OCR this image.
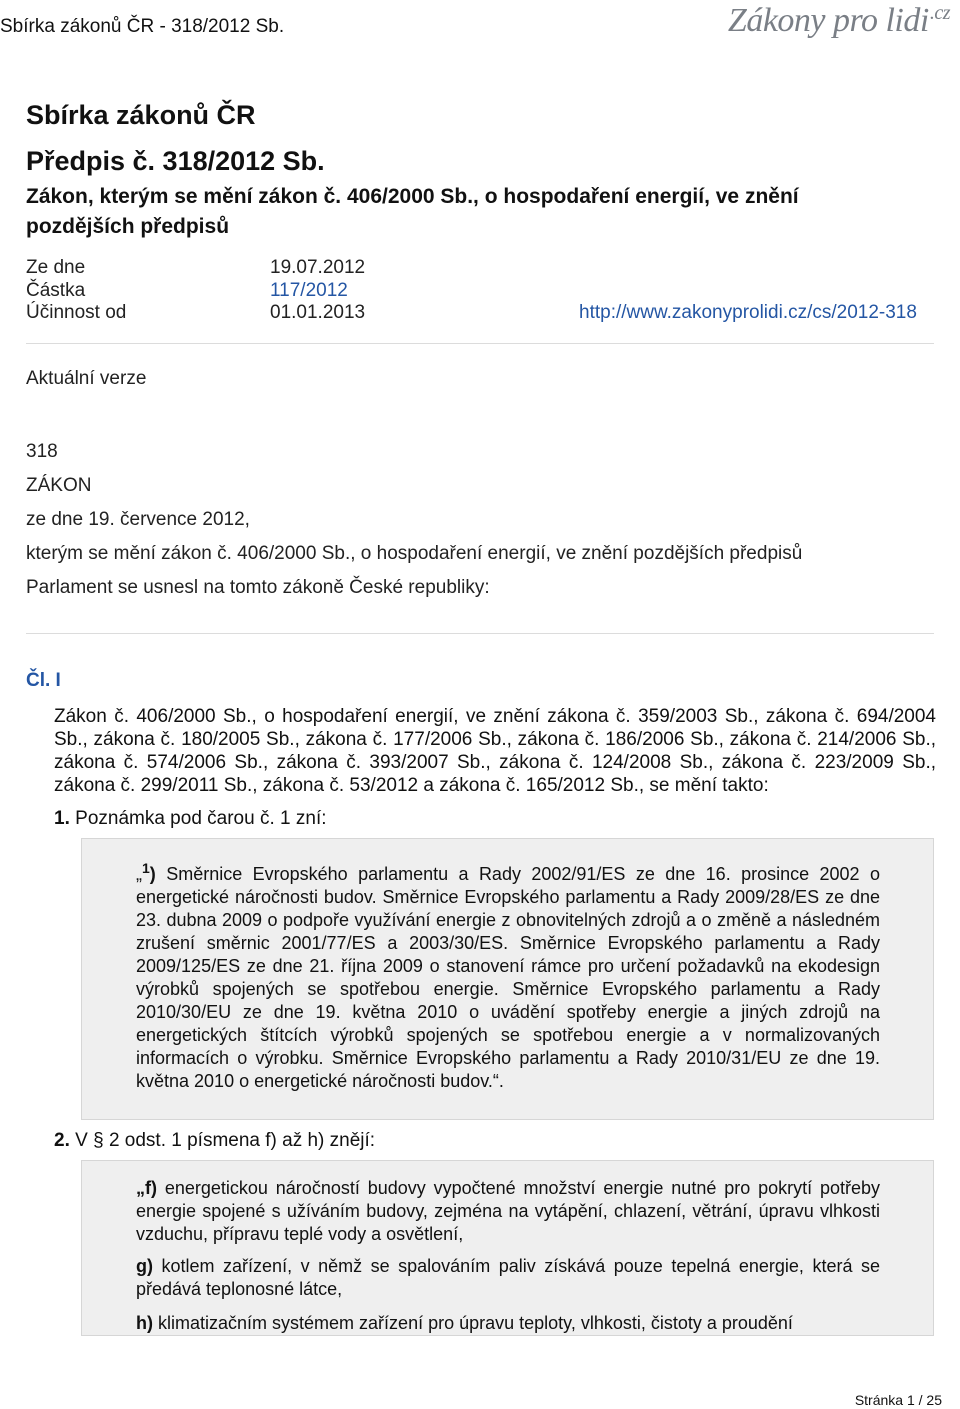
Sbírka zákonů ČR - 318/2012 Sb.	Zákony pro lidi$^{.cz}$
Sbírka zákonů ČR
Předpis č. 318/2012 Sb.
Zákon, kterým se mění zákon č. 406/2000 Sb., o hospodaření energií, ve znění
pozdějších předpisů
Ze dne	19.07.2012
Částka	117/2012
Účinnost od	01.01.2013	http://www.zakonyprolidi.cz/cs/2012-318
Aktuální verze
318
ZÁKON
ze dne 19. července 2012,
kterým se mění zákon č. 406/2000 Sb., o hospodaření energií, ve znění pozdějších předpisů
Parlament se usnesl na tomto zákoně České republiky:
Čl. I
Zákon č. 406/2000 Sb., o hospodaření energií, ve znění zákona č. 359/2003 Sb., zákona č. 694/2004 Sb., zákona č. 180/2005 Sb., zákona č. 177/2006 Sb., zákona č. 186/2006 Sb., zákona č. 214/2006 Sb., zákona č. 574/2006 Sb., zákona č. 393/2007 Sb., zákona č. 124/2008 Sb., zákona č. 223/2009 Sb., zákona č. 299/2011 Sb., zákona č. 53/2012 a zákona č. 165/2012 Sb., se mění takto:
1. Poznámka pod čarou č. 1 zní:
„$^1$) Směrnice Evropského parlamentu a Rady 2002/91/ES ze dne 16. prosince 2002 o energetické náročnosti budov. Směrnice Evropského parlamentu a Rady 2009/28/ES ze dne 23. dubna 2009 o podpoře využívání energie z obnovitelných zdrojů a o změně a následném zrušení směrnic 2001/77/ES a 2003/30/ES. Směrnice Evropského parlamentu a Rady 2009/125/ES ze dne 21. října 2009 o stanovení rámce pro určení požadavků na ekodesign výrobků spojených se spotřebou energie. Směrnice Evropského parlamentu a Rady 2010/30/EU ze dne 19. května 2010 o uvádění spotřeby energie a jiných zdrojů na energetických štítcích výrobků spojených se spotřebou energie a v normalizovaných informacích o výrobku. Směrnice Evropského parlamentu a Rady 2010/31/EU ze dne 19. května 2010 o energetické náročnosti budov.“.
2. V § 2 odst. 1 písmena f) až h) znějí:
„f) energetickou náročností budovy vypočtené množství energie nutné pro pokrytí potřeby energie spojené s užíváním budovy, zejména na vytápění, chlazení, větrání, úpravu vlhkosti vzduchu, přípravu teplé vody a osvětlení,
g) kotlem zařízení, v němž se spalováním paliv získává pouze tepelná energie, která se předává teplonosné látce,
h) klimatizačním systémem zařízení pro úpravu teploty, vlhkosti, čistoty a proudění
Stránka 1 / 25
